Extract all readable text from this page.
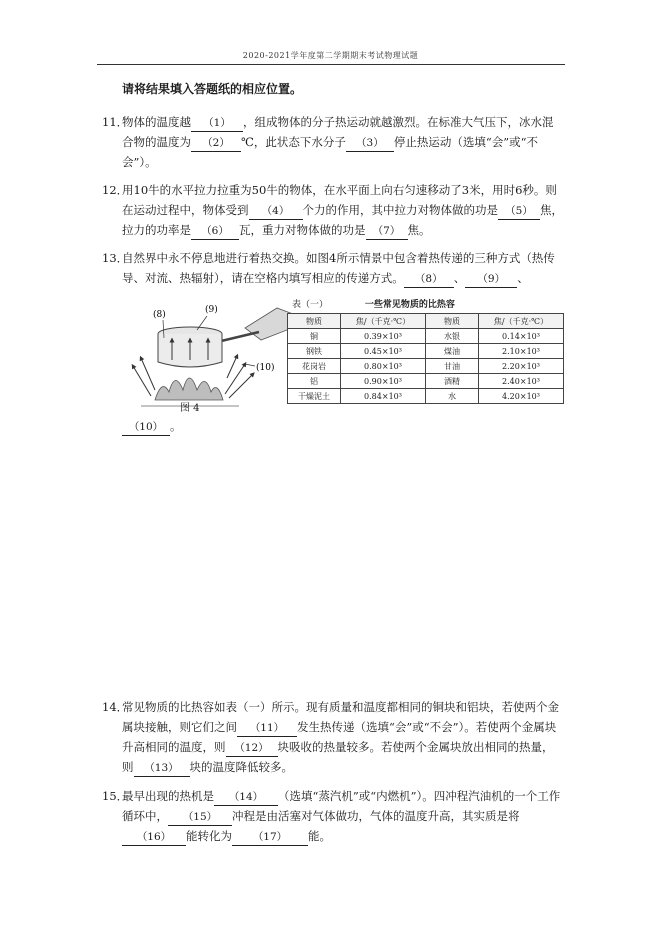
2020-2021学年度第二学期期末考试物理试题
请将结果填入答题纸的相应位置。
11．
物体的温度越 （1） ，组成物体的分子热运动就越激烈。在标准大气压下，冰水混合物的温度为 （2） ℃，此状态下水分子 （3） 停止热运动（选填“会”或“不会”）。
12．
用10牛的水平拉力拉重为50牛的物体，在水平面上向右匀速移动了3米，用时6秒。则在运动过程中，物体受到 （4） 个力的作用，其中拉力对物体做的功是 （5） 焦，拉力的功率是 （6） 瓦，重力对物体做的功是 （7） 焦。
13．
自然界中永不停息地进行着热交换。如图4所示情景中包含着热传递的三种方式（热传导、对流、热辐射），请在空格内填写相应的传递方式。 （8） 、 （9） 、
(8)	(9)
(10)
图 4
表（一）	一些常见物质的比热容
物质	焦/（千克·℃）	物质	焦/（千克·℃）
铜	0.39×10³	水银	0.14×10³
钢铁	0.45×10³	煤油	2.10×10³
花岗岩	0.80×10³	甘油	2.20×10³
铝	0.90×10³	酒精	2.40×10³
干燥泥土	0.84×10³	水	4.20×10³
（10） 。
14．
常见物质的比热容如表（一）所示。现有质量和温度都相同的铜块和铝块，若使两个金属块接触，则它们之间 （11） 发生热传递（选填“会”或“不会”）。若使两个金属块升高相同的温度，则 （12） 块吸收的热量较多。若使两个金属块放出相同的热量，则 （13） 块的温度降低较多。
15．
最早出现的热机是 （14） （选填“蒸汽机”或“内燃机”）。四冲程汽油机的一个工作循环中， （15） 冲程是由活塞对气体做功，气体的温度升高，其实质是将（16） 能转化为 （17） 能。
